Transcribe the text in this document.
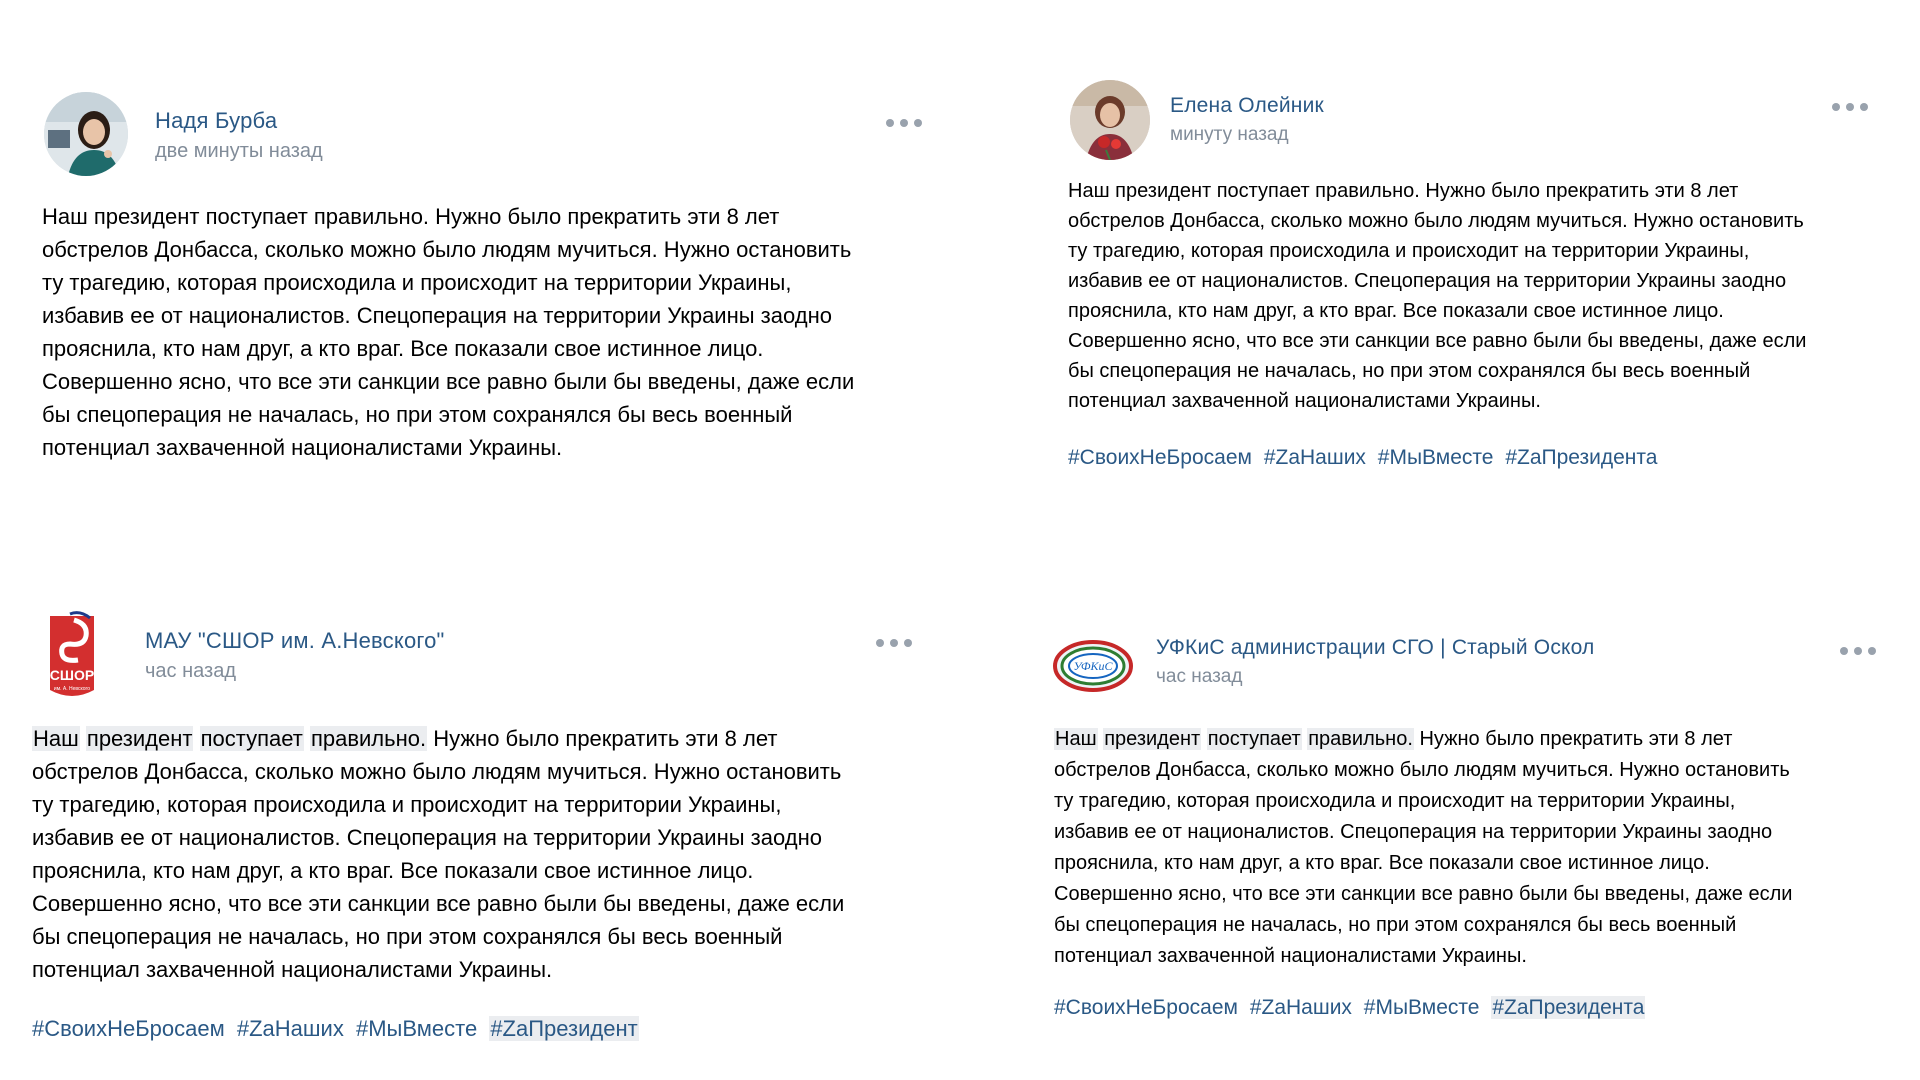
Надя Бурба
две минуты назад
Наш президент поступает правильно. Нужно было прекратить эти 8 лет
обстрелов Донбасса, сколько можно было людям мучиться. Нужно остановить
ту трагедию, которая происходила и происходит на территории Украины,
избавив ее от националистов. Спецоперация на территории Украины заодно
прояснила, кто нам друг, а кто враг. Все показали свое истинное лицо.
Совершенно ясно, что все эти санкции все равно были бы введены, даже если
бы спецоперация не началась, но при этом сохранялся бы весь военный
потенциал захваченной националистами Украины.
Елена Олейник
минуту назад
Наш президент поступает правильно. Нужно было прекратить эти 8 лет
обстрелов Донбасса, сколько можно было людям мучиться. Нужно остановить
ту трагедию, которая происходила и происходит на территории Украины,
избавив ее от националистов. Спецоперация на территории Украины заодно
прояснила, кто нам друг, а кто враг. Все показали свое истинное лицо.
Совершенно ясно, что все эти санкции все равно были бы введены, даже если
бы спецоперация не началась, но при этом сохранялся бы весь военный
потенциал захваченной националистами Украины.
#СвоихНеБросаем #ZaНаших #МыВместе #ZaПрезидента
СШОР
им. А. Невского
МАУ "СШОР им. А.Невского"
час назад
Наш президент поступает правильно. Нужно было прекратить эти 8 лет
обстрелов Донбасса, сколько можно было людям мучиться. Нужно остановить
ту трагедию, которая происходила и происходит на территории Украины,
избавив ее от националистов. Спецоперация на территории Украины заодно
прояснила, кто нам друг, а кто враг. Все показали свое истинное лицо.
Совершенно ясно, что все эти санкции все равно были бы введены, даже если
бы спецоперация не началась, но при этом сохранялся бы весь военный
потенциал захваченной националистами Украины.
#СвоихНеБросаем #ZaНаших #МыВместе #ZaПрезидент
УФКиС
УФКиС администрации СГО | Старый Оскол
час назад
Наш президент поступает правильно. Нужно было прекратить эти 8 лет
обстрелов Донбасса, сколько можно было людям мучиться. Нужно остановить
ту трагедию, которая происходила и происходит на территории Украины,
избавив ее от националистов. Спецоперация на территории Украины заодно
прояснила, кто нам друг, а кто враг. Все показали свое истинное лицо.
Совершенно ясно, что все эти санкции все равно были бы введены, даже если
бы спецоперация не началась, но при этом сохранялся бы весь военный
потенциал захваченной националистами Украины.
#СвоихНеБросаем #ZaНаших #МыВместе #ZaПрезидента
